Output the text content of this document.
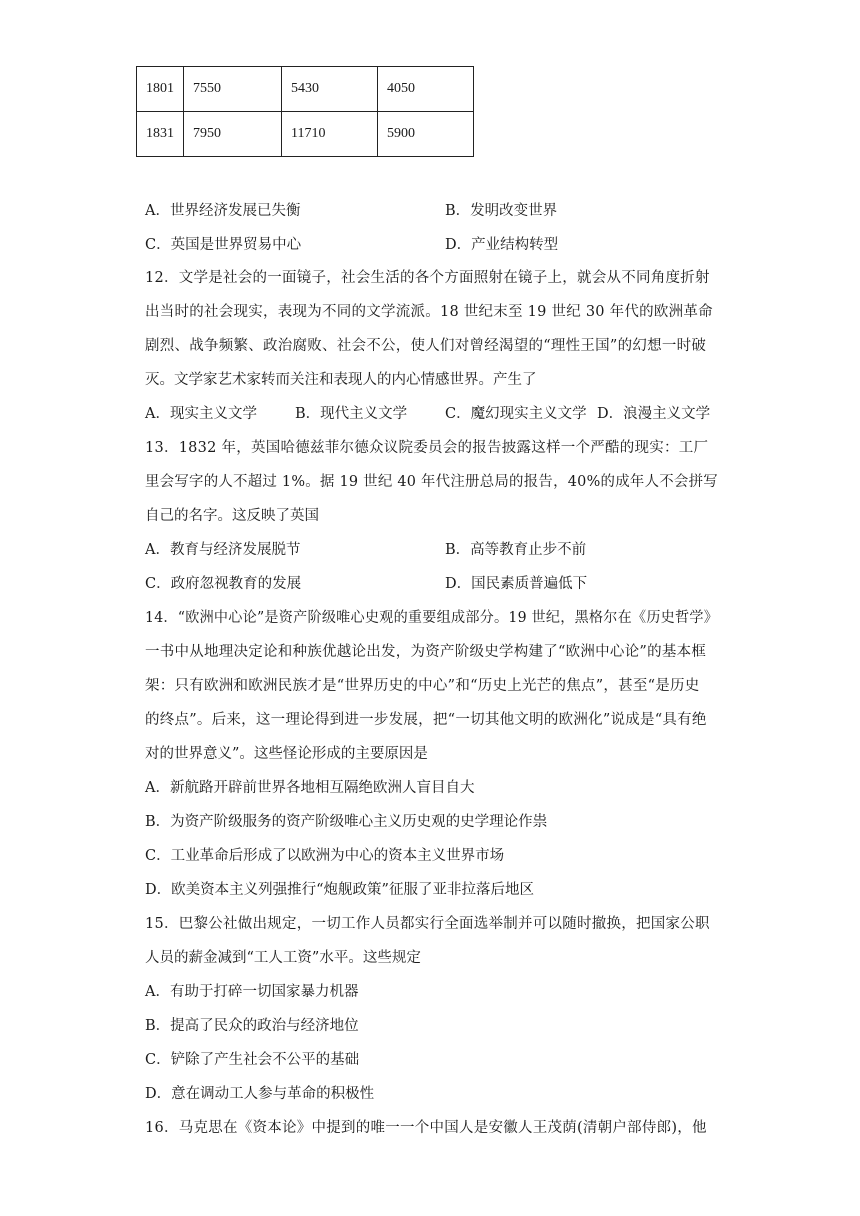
1801	7550	5430	4050
1831	7950	11710	5900
A．世界经济发展已失衡	B．发明改变世界
C．英国是世界贸易中心	D．产业结构转型
12．文学是社会的一面镜子，社会生活的各个方面照射在镜子上，就会从不同角度折射
出当时的社会现实，表现为不同的文学流派。18 世纪末至 19 世纪 30 年代的欧洲革命
剧烈、战争频繁、政治腐败、社会不公，使人们对曾经渴望的“理性王国”的幻想一时破
灭。文学家艺术家转而关注和表现人的内心情感世界。产生了
A．现实主义文学	B．现代主义文学	C．魔幻现实主义文学 D．浪漫主义文学
13．1832 年，英国哈德兹菲尔德众议院委员会的报告披露这样一个严酷的现实：工厂
里会写字的人不超过 1%。据 19 世纪 40 年代注册总局的报告，40%的成年人不会拼写
自己的名字。这反映了英国
A．教育与经济发展脱节	B．高等教育止步不前
C．政府忽视教育的发展	D．国民素质普遍低下
14．“欧洲中心论”是资产阶级唯心史观的重要组成部分。19 世纪，黑格尔在《历史哲学》
一书中从地理决定论和种族优越论出发，为资产阶级史学构建了“欧洲中心论”的基本框
架：只有欧洲和欧洲民族才是“世界历史的中心”和“历史上光芒的焦点”，甚至“是历史
的终点”。后来，这一理论得到进一步发展，把“一切其他文明的欧洲化”说成是“具有绝
对的世界意义”。这些怪论形成的主要原因是
A．新航路开辟前世界各地相互隔绝欧洲人盲目自大
B．为资产阶级服务的资产阶级唯心主义历史观的史学理论作祟
C．工业革命后形成了以欧洲为中心的资本主义世界市场
D．欧美资本主义列强推行“炮舰政策”征服了亚非拉落后地区
15．巴黎公社做出规定，一切工作人员都实行全面选举制并可以随时撤换，把国家公职
人员的薪金减到“工人工资”水平。这些规定
A．有助于打碎一切国家暴力机器
B．提高了民众的政治与经济地位
C．铲除了产生社会不公平的基础
D．意在调动工人参与革命的积极性
16．马克思在《资本论》中提到的唯一一个中国人是安徽人王茂荫(清朝户部侍郎)，他
